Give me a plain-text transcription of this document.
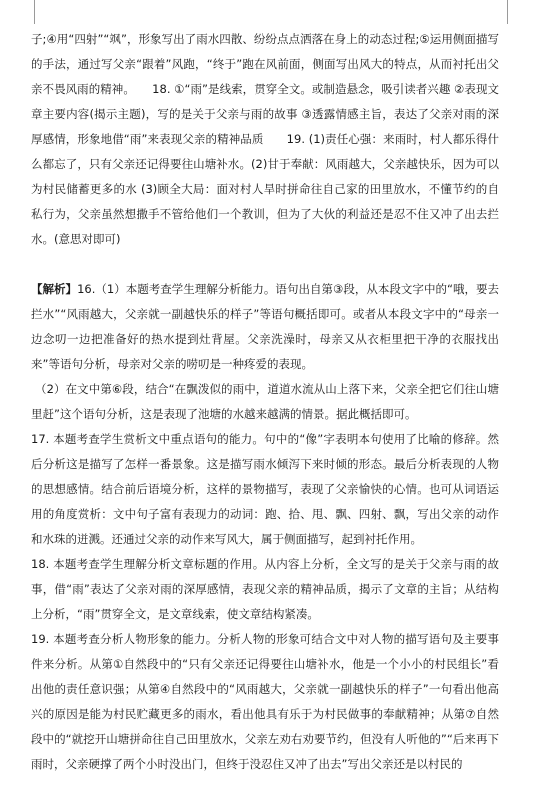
子;④用“四射”“飒”，形象写出了雨水四散、纷纷点点洒落在身上的动态过程;⑤运用侧面描写的手法，通过写父亲“跟着”风跑，“终于”跑在风前面，侧面写出风大的特点，从而衬托出父亲不畏风雨的精神。　　18. ①“雨”是线索，贯穿全文。或制造悬念，吸引读者兴趣 ②表现文章主要内容(揭示主题)，写的是关于父亲与雨的故事 ③透露情感主旨，表达了父亲对雨的深厚感情，形象地借“雨”来表现父亲的精神品质　　19. (1)责任心强：来雨时，村人都乐得什么都忘了，只有父亲还记得要往山塘补水。(2)甘于奉献：风雨越大，父亲越快乐，因为可以为村民储蓄更多的水 (3)顾全大局：面对村人旱时拼命往自己家的田里放水，不懂节约的自私行为，父亲虽然想撒手不管给他们一个教训，但为了大伙的利益还是忍不住又冲了出去拦水。(意思对即可)

【解析】16.（1）本题考查学生理解分析能力。语句出自第③段，从本段文字中的“哦，要去拦水”“风雨越大，父亲就一副越快乐的样子”等语句概括即可。或者从本段文字中的“母亲一边念叨一边把准备好的热水提到灶背屋。父亲洗澡时，母亲又从衣柜里把干净的衣服找出来”等语句分析，母亲对父亲的唠叨是一种疼爱的表现。

（2）在文中第⑥段，结合“在飘泼似的雨中，道道水流从山上落下来，父亲全把它们往山塘里赶”这个语句分析，这是表现了池塘的水越来越满的情景。据此概括即可。

17. 本题考查学生赏析文中重点语句的能力。句中的“像”字表明本句使用了比喻的修辞。然后分析这是描写了怎样一番景象。这是描写雨水倾泻下来时倾的形态。最后分析表现的人物的思想感情。结合前后语境分析，这样的景物描写，表现了父亲愉快的心情。也可从词语运用的角度赏析：文中句子富有表现力的动词：跑、拾、甩、飘、四射、飘，写出父亲的动作和水珠的迸溅。还通过父亲的动作来写风大，属于侧面描写，起到衬托作用。

18. 本题考查学生理解分析文章标题的作用。从内容上分析，全文写的是关于父亲与雨的故事，借“雨”表达了父亲对雨的深厚感情，表现父亲的精神品质，揭示了文章的主旨；从结构上分析，“雨”贯穿全文，是文章线索，使文章结构紧凑。

19. 本题考查分析人物形象的能力。分析人物的形象可结合文中对人物的描写语句及主要事件来分析。从第①自然段中的“只有父亲还记得要往山塘补水，他是一个小小的村民组长”看出他的责任意识强；从第④自然段中的“风雨越大，父亲就一副越快乐的样子”一句看出他高兴的原因是能为村民贮藏更多的雨水，看出他具有乐于为村民做事的奉献精神；从第⑦自然段中的“就挖开山塘拼命往自己田里放水，父亲左劝右劝要节约，但没有人听他的”“后来再下雨时，父亲硬撑了两个小时没出门，但终于没忍住又冲了出去”写出父亲还是以村民的
